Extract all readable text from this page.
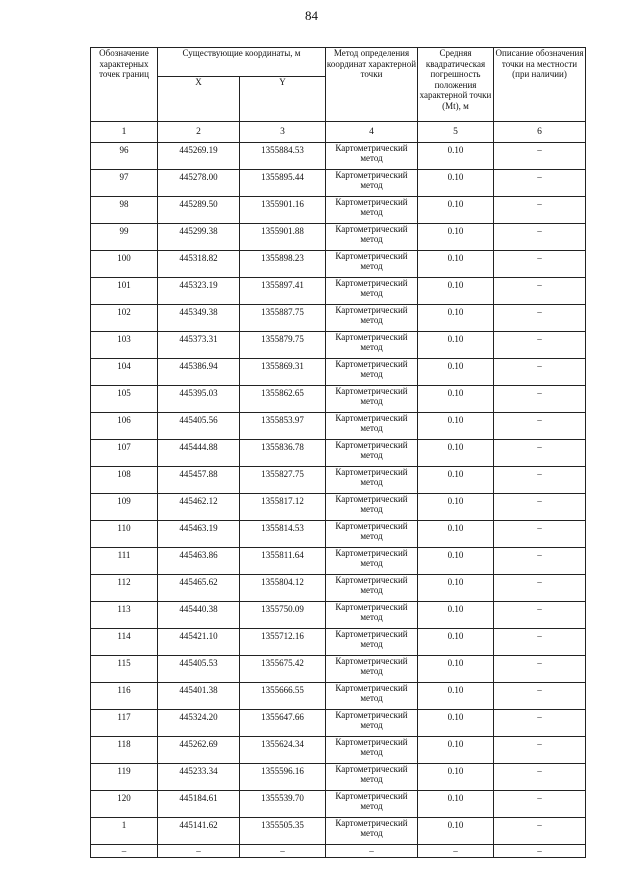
84
Обозначение характерных точек границ	Существующие координаты, м		Метод определения координат характерной точки	Средняя квадратическая погрешность положения характерной точки (Mt), м	Описание обозначения точки на местности (при наличии)
	X	Y			
1	2	3	4	5	6
96	445269.19	1355884.53	Картометрический метод	0.10	–
97	445278.00	1355895.44	Картометрический метод	0.10	–
98	445289.50	1355901.16	Картометрический метод	0.10	–
99	445299.38	1355901.88	Картометрический метод	0.10	–
100	445318.82	1355898.23	Картометрический метод	0.10	–
101	445323.19	1355897.41	Картометрический метод	0.10	–
102	445349.38	1355887.75	Картометрический метод	0.10	–
103	445373.31	1355879.75	Картометрический метод	0.10	–
104	445386.94	1355869.31	Картометрический метод	0.10	–
105	445395.03	1355862.65	Картометрический метод	0.10	–
106	445405.56	1355853.97	Картометрический метод	0.10	–
107	445444.88	1355836.78	Картометрический метод	0.10	–
108	445457.88	1355827.75	Картометрический метод	0.10	–
109	445462.12	1355817.12	Картометрический метод	0.10	–
110	445463.19	1355814.53	Картометрический метод	0.10	–
111	445463.86	1355811.64	Картометрический метод	0.10	–
112	445465.62	1355804.12	Картометрический метод	0.10	–
113	445440.38	1355750.09	Картометрический метод	0.10	–
114	445421.10	1355712.16	Картометрический метод	0.10	–
115	445405.53	1355675.42	Картометрический метод	0.10	–
116	445401.38	1355666.55	Картометрический метод	0.10	–
117	445324.20	1355647.66	Картометрический метод	0.10	–
118	445262.69	1355624.34	Картометрический метод	0.10	–
119	445233.34	1355596.16	Картометрический метод	0.10	–
120	445184.61	1355539.70	Картометрический метод	0.10	–
1	445141.62	1355505.35	Картометрический метод	0.10	–
–	–	–	–	–	–
